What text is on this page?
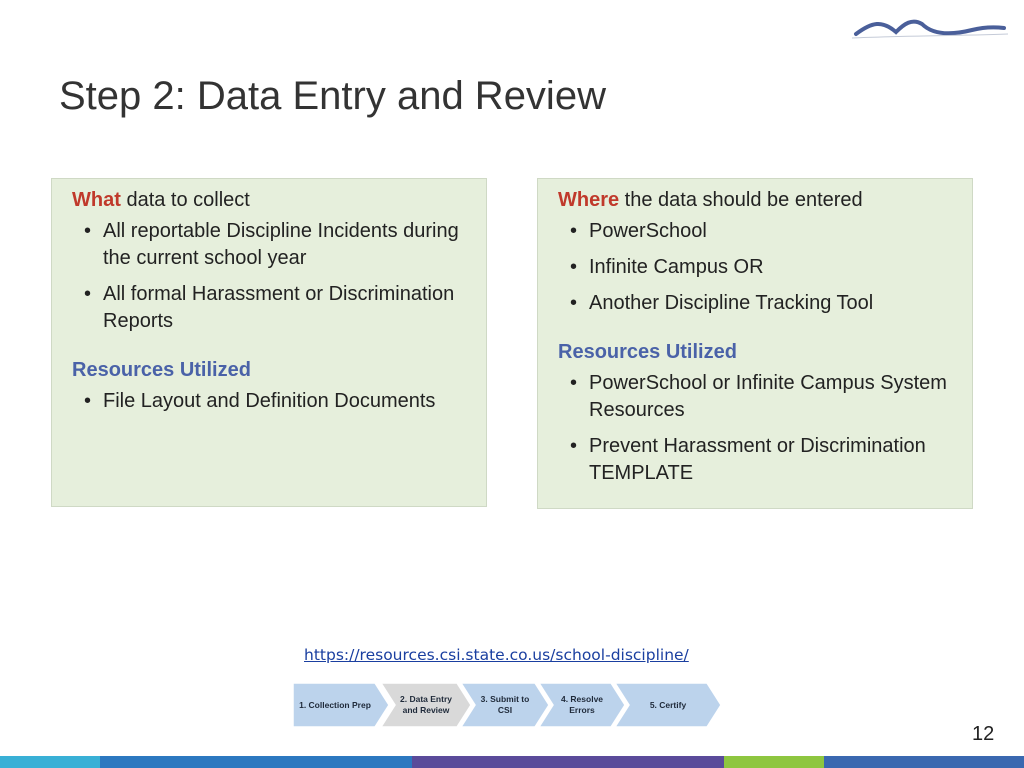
Step 2: Data Entry and Review

What data to collect

• All reportable Discipline Incidents during the current school year
• All formal Harassment or Discrimination Reports

Resources Utilized

• File Layout and Definition Documents

Where the data should be entered

• PowerSchool
• Infinite Campus OR
• Another Discipline Tracking Tool

Resources Utilized

• PowerSchool or Infinite Campus System Resources
• Prevent Harassment or Discrimination TEMPLATE
https://resources.csi.state.co.us/school-discipline/
1. Collection Prep
2. Data Entry
and Review
3. Submit to
CSI
4. Resolve
Errors
5. Certify
12
